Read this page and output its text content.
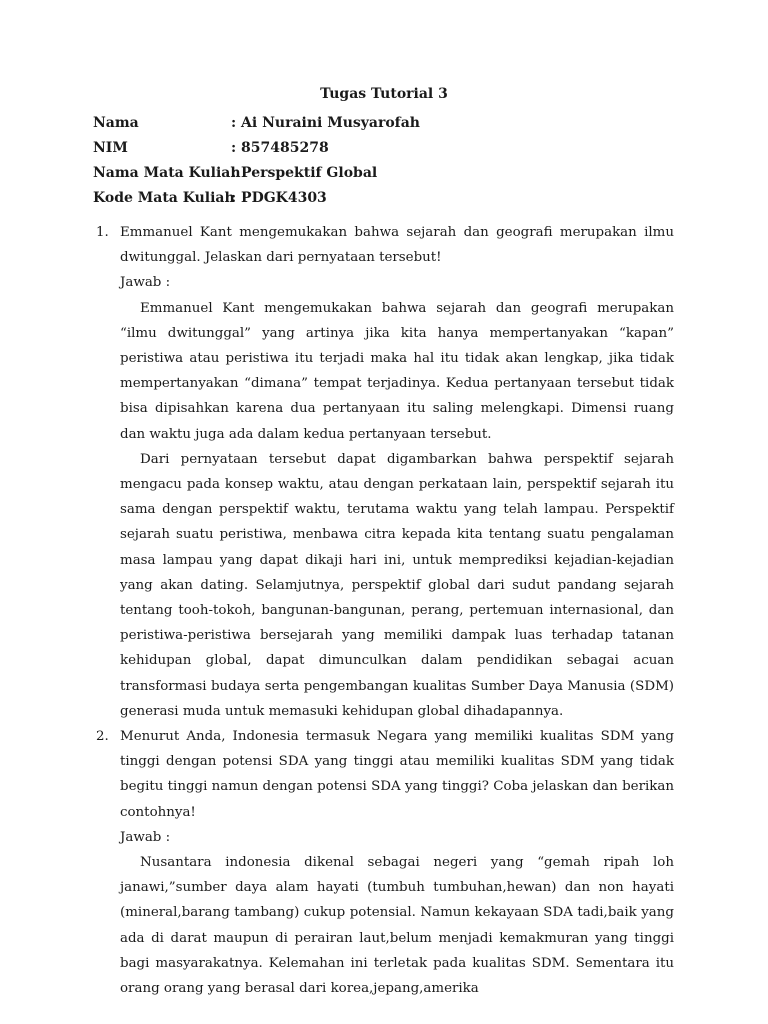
Tugas Tutorial 3
Nama	: Ai Nuraini Musyarofah
NIM	: 857485278
Nama Mata Kuliah
: Perspektif Global
Kode Mata Kuliah
: PDGK4303
1. Emmanuel Kant mengemukakan bahwa sejarah dan geografi merupakan ilmu dwitunggal. Jelaskan dari pernyataan tersebut!
Jawab :
Emmanuel Kant mengemukakan bahwa sejarah dan geografi merupakan “ilmu dwitunggal” yang artinya jika kita hanya mempertanyakan “kapan” peristiwa atau peristiwa itu terjadi maka hal itu tidak akan lengkap, jika tidak mempertanyakan “dimana” tempat terjadinya. Kedua pertanyaan tersebut tidak bisa dipisahkan karena dua pertanyaan itu saling melengkapi. Dimensi ruang dan waktu juga ada dalam kedua pertanyaan tersebut.
Dari pernyataan tersebut dapat digambarkan bahwa perspektif sejarah mengacu pada konsep waktu, atau dengan perkataan lain, perspektif sejarah itu sama dengan perspektif waktu, terutama waktu yang telah lampau. Perspektif sejarah suatu peristiwa, menbawa citra kepada kita tentang suatu pengalaman masa lampau yang dapat dikaji hari ini, untuk memprediksi kejadian-kejadian yang akan dating. Selamjutnya, perspektif global dari sudut pandang sejarah tentang tooh-tokoh, bangunan-bangunan, perang, pertemuan internasional, dan peristiwa-peristiwa bersejarah yang memiliki dampak luas terhadap tatanan kehidupan global, dapat dimunculkan dalam pendidikan sebagai acuan transformasi budaya serta pengembangan kualitas Sumber Daya Manusia (SDM) generasi muda untuk memasuki kehidupan global dihadapannya.
2. Menurut Anda, Indonesia termasuk Negara yang memiliki kualitas SDM yang tinggi dengan potensi SDA yang tinggi atau memiliki kualitas SDM yang tidak begitu tinggi namun dengan potensi SDA yang tinggi? Coba jelaskan dan berikan contohnya!
Jawab :
Nusantara indonesia dikenal sebagai negeri yang “gemah ripah loh janawi,”sumber daya alam hayati (tumbuh tumbuhan,hewan) dan non hayati (mineral,barang tambang) cukup potensial. Namun kekayaan SDA tadi,baik yang ada di darat maupun di perairan laut,belum menjadi kemakmuran yang tinggi bagi masyarakatnya. Kelemahan ini terletak pada kualitas SDM. Sementara itu orang orang yang berasal dari korea,jepang,amerika
